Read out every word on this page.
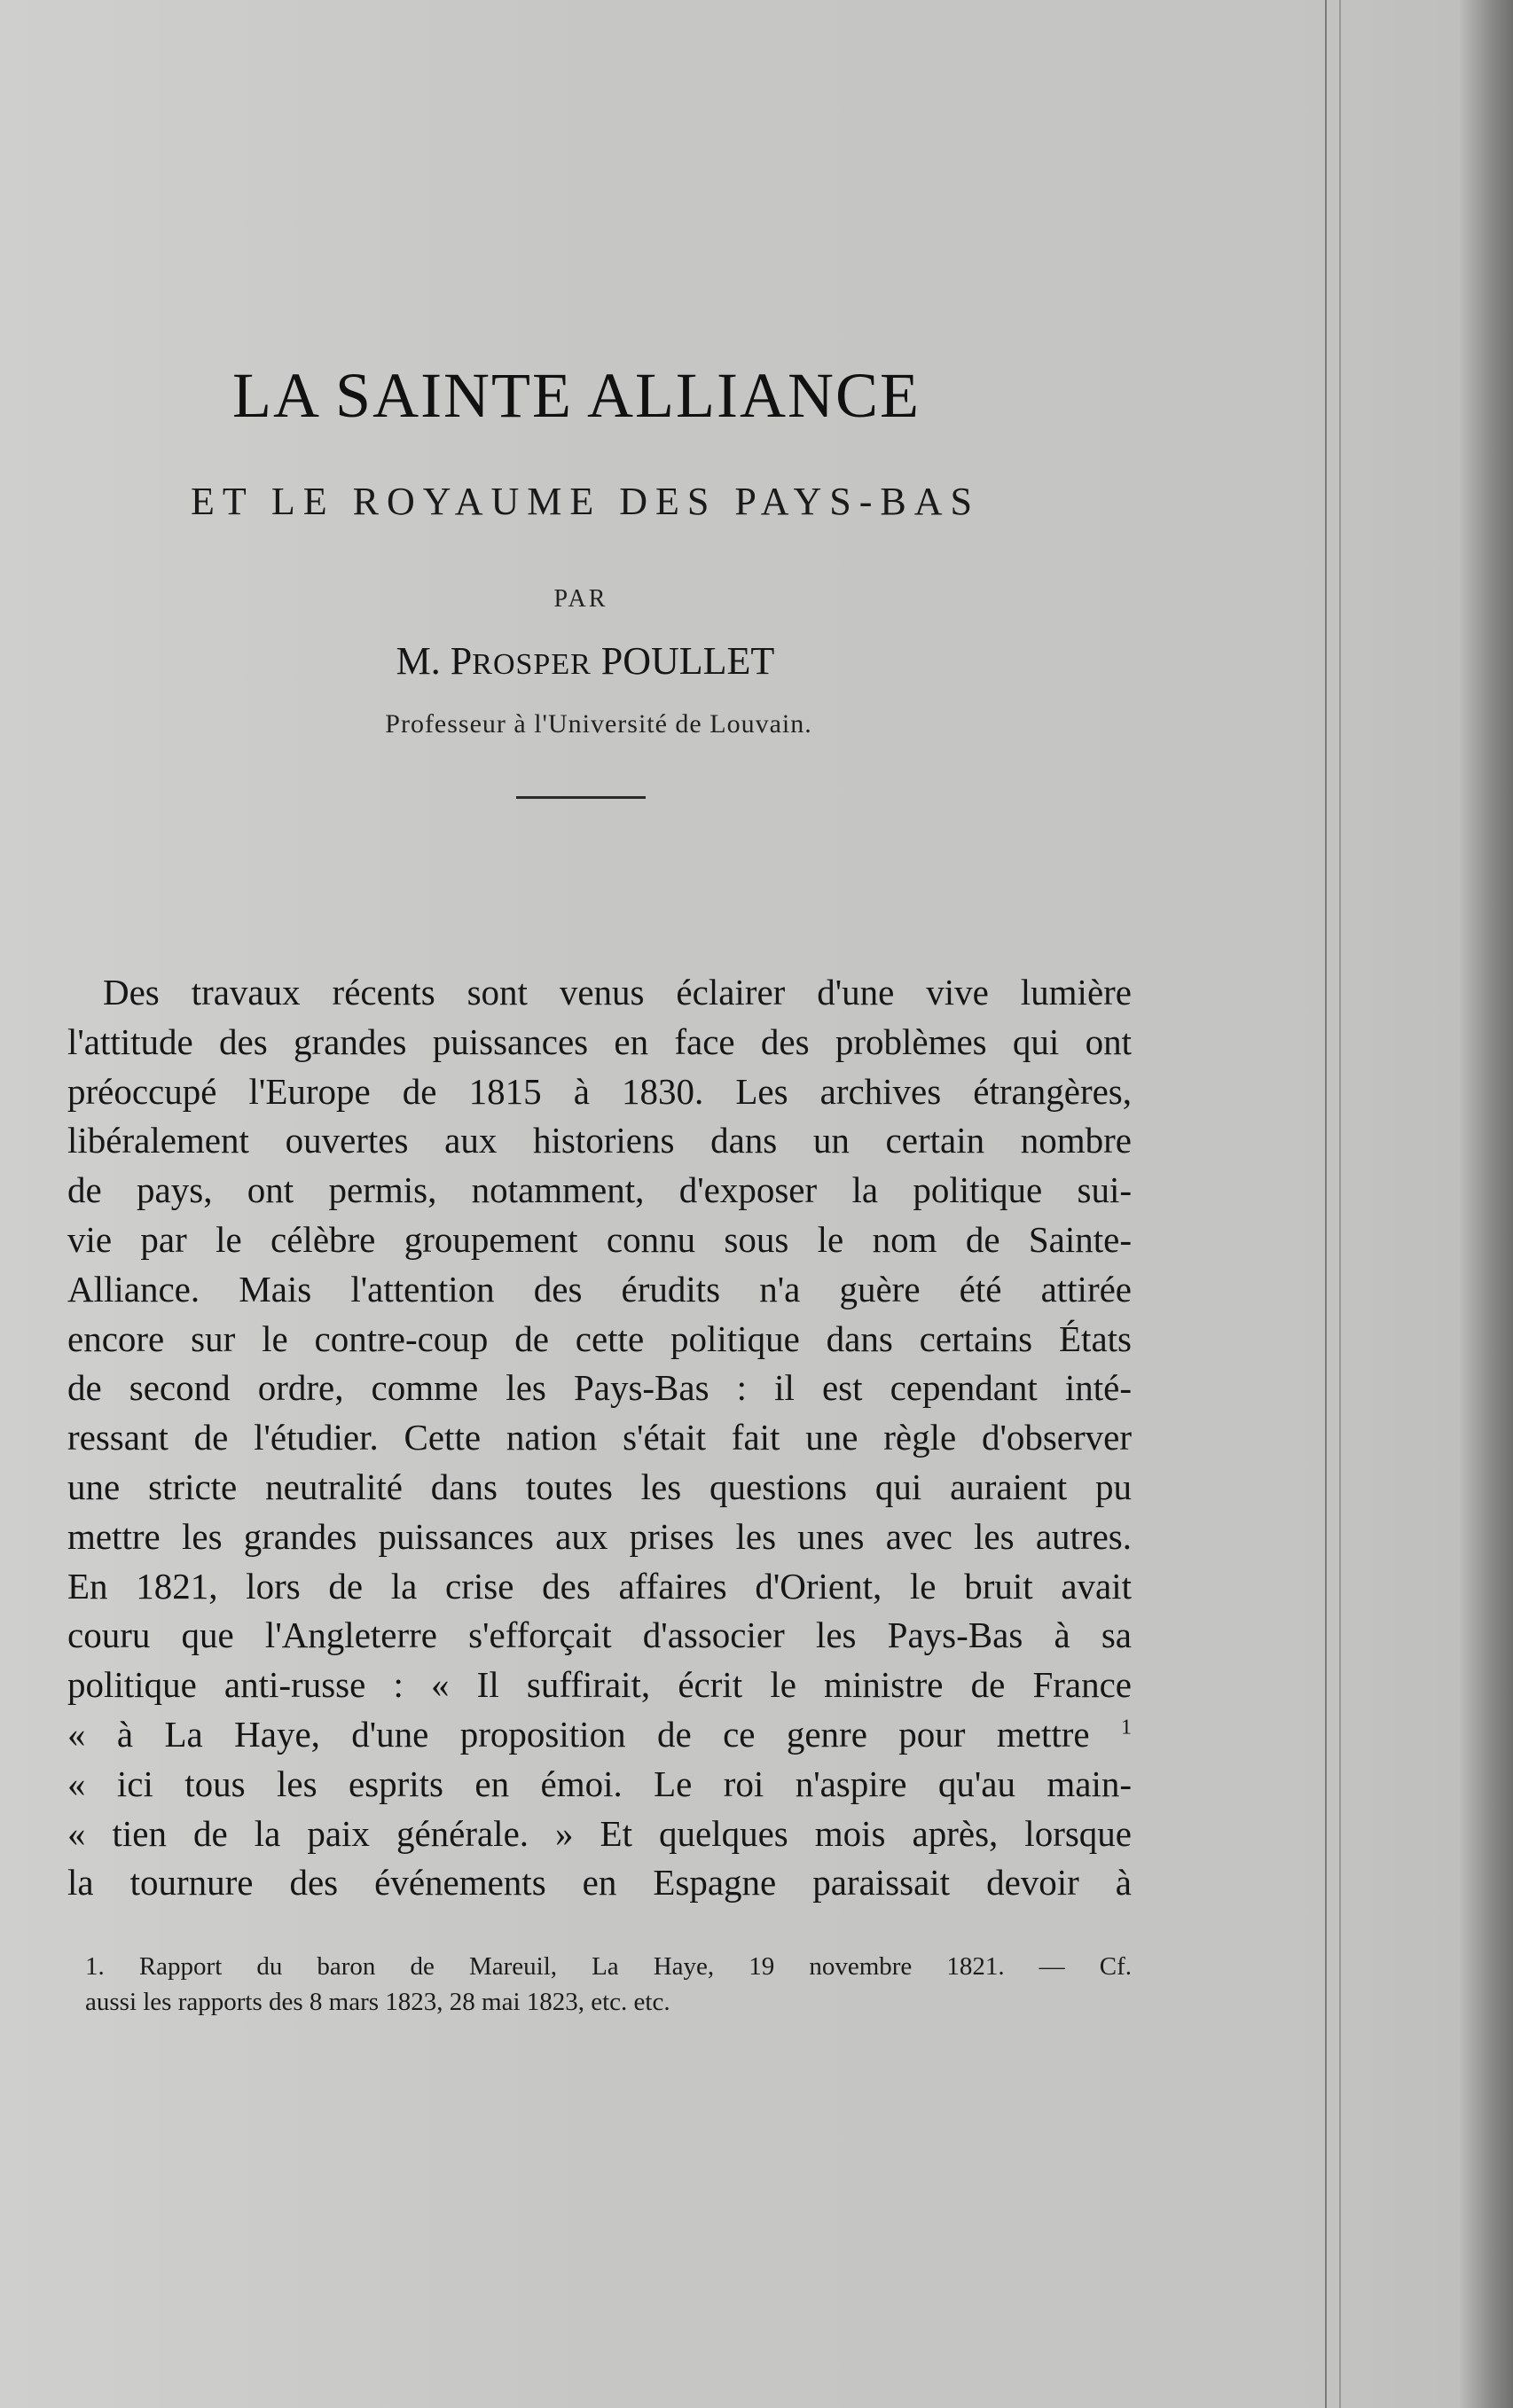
LA SAINTE ALLIANCE
ET LE ROYAUME DES PAYS-BAS
PAR
M. PROSPER POULLET
Professeur à l'Université de Louvain.
Des travaux récents sont venus éclairer d'une vive lumière
l'attitude des grandes puissances en face des problèmes qui ont
préoccupé l'Europe de 1815 à 1830. Les archives étrangères,
libéralement ouvertes aux historiens dans un certain nombre
de pays, ont permis, notamment, d'exposer la politique sui-
vie par le célèbre groupement connu sous le nom de Sainte-
Alliance. Mais l'attention des érudits n'a guère été attirée
encore sur le contre-coup de cette politique dans certains États
de second ordre, comme les Pays-Bas : il est cependant inté-
ressant de l'étudier. Cette nation s'était fait une règle d'observer
une stricte neutralité dans toutes les questions qui auraient pu
mettre les grandes puissances aux prises les unes avec les autres.
En 1821, lors de la crise des affaires d'Orient, le bruit avait
couru que l'Angleterre s'efforçait d'associer les Pays-Bas à sa
politique anti-russe : « Il suffirait, écrit le ministre de France
« à La Haye, d'une proposition de ce genre pour mettre $^1$
« ici tous les esprits en émoi. Le roi n'aspire qu'au main-
« tien de la paix générale. » Et quelques mois après, lorsque
la tournure des événements en Espagne paraissait devoir à
1. Rapport du baron de Mareuil, La Haye, 19 novembre 1821. — Cf.
aussi les rapports des 8 mars 1823, 28 mai 1823, etc. etc.
